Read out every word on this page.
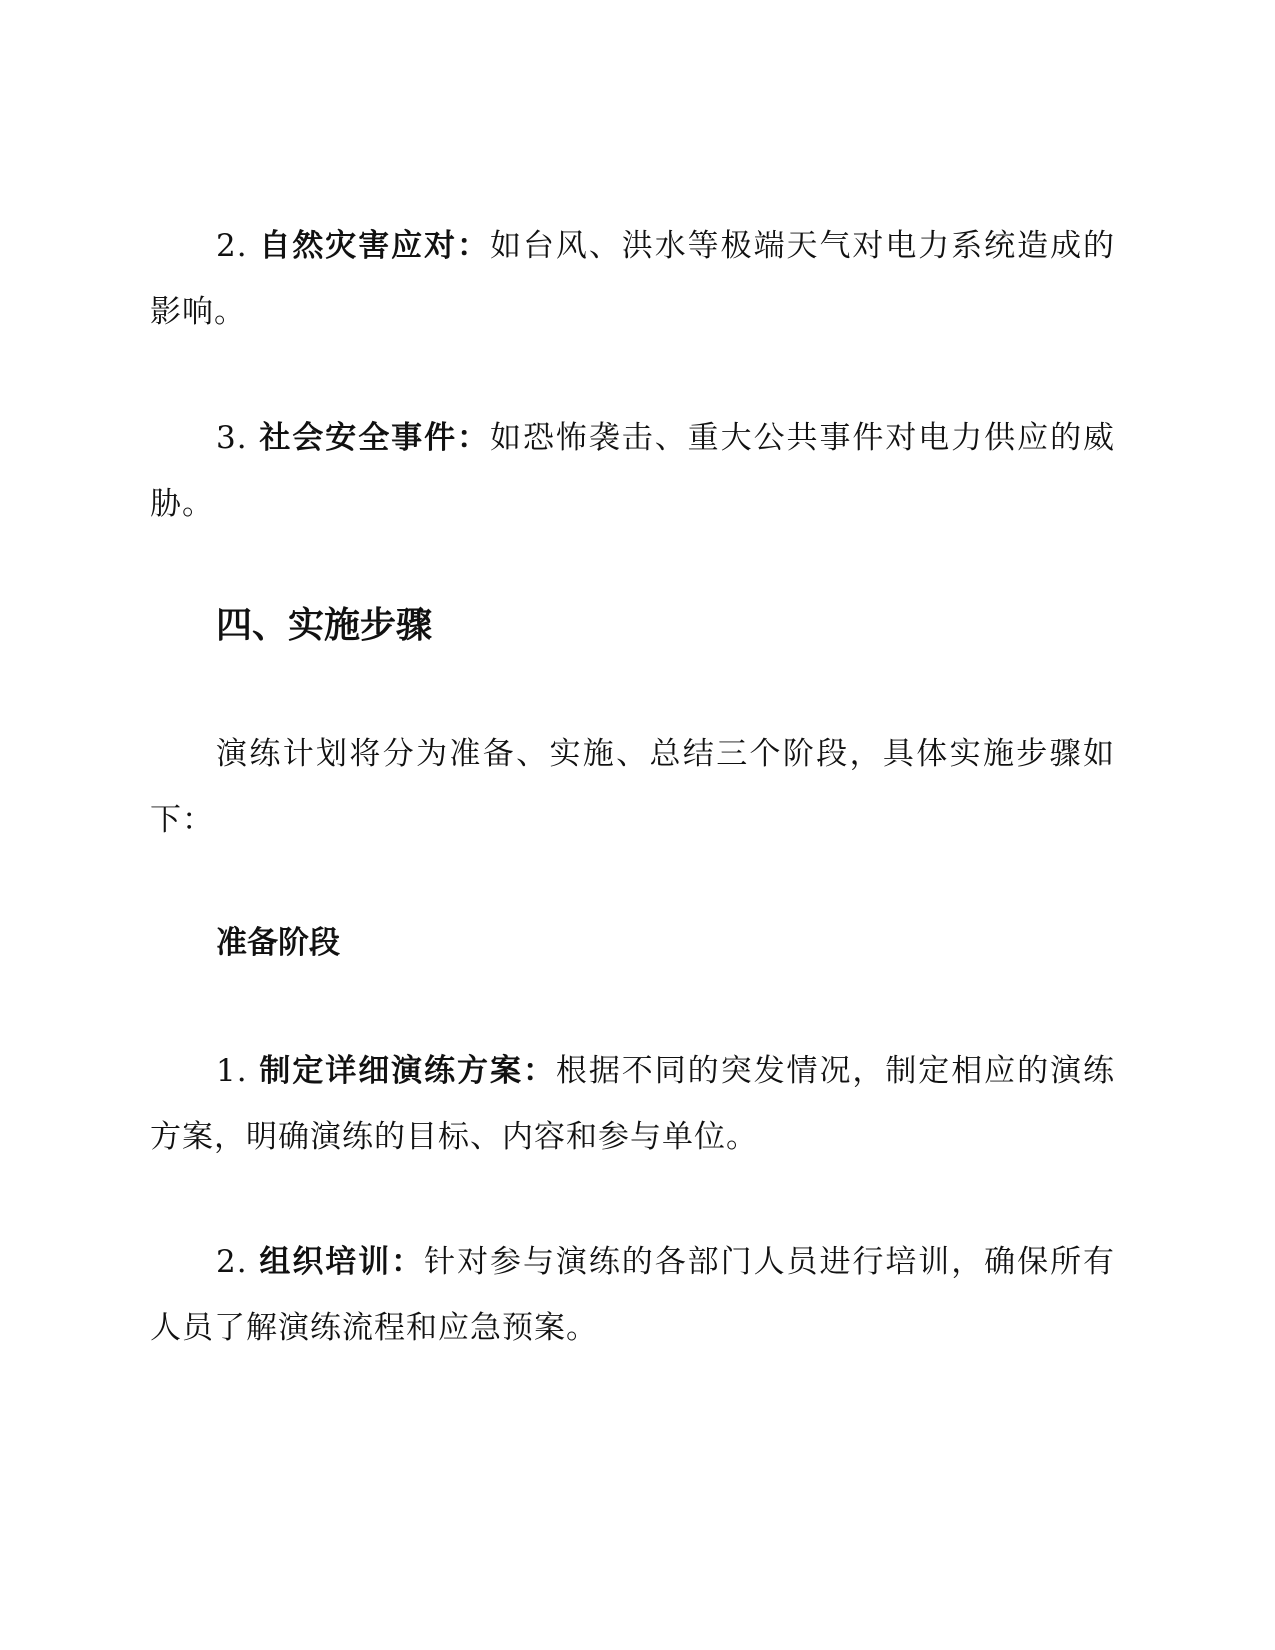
2. 自然灾害应对：如台风、洪水等极端天气对电力系统造成的影响。

3. 社会安全事件：如恐怖袭击、重大公共事件对电力供应的威胁。

四、实施步骤

演练计划将分为准备、实施、总结三个阶段，具体实施步骤如下：

准备阶段

1. 制定详细演练方案：根据不同的突发情况，制定相应的演练方案，明确演练的目标、内容和参与单位。

2. 组织培训：针对参与演练的各部门人员进行培训，确保所有人员了解演练流程和应急预案。
